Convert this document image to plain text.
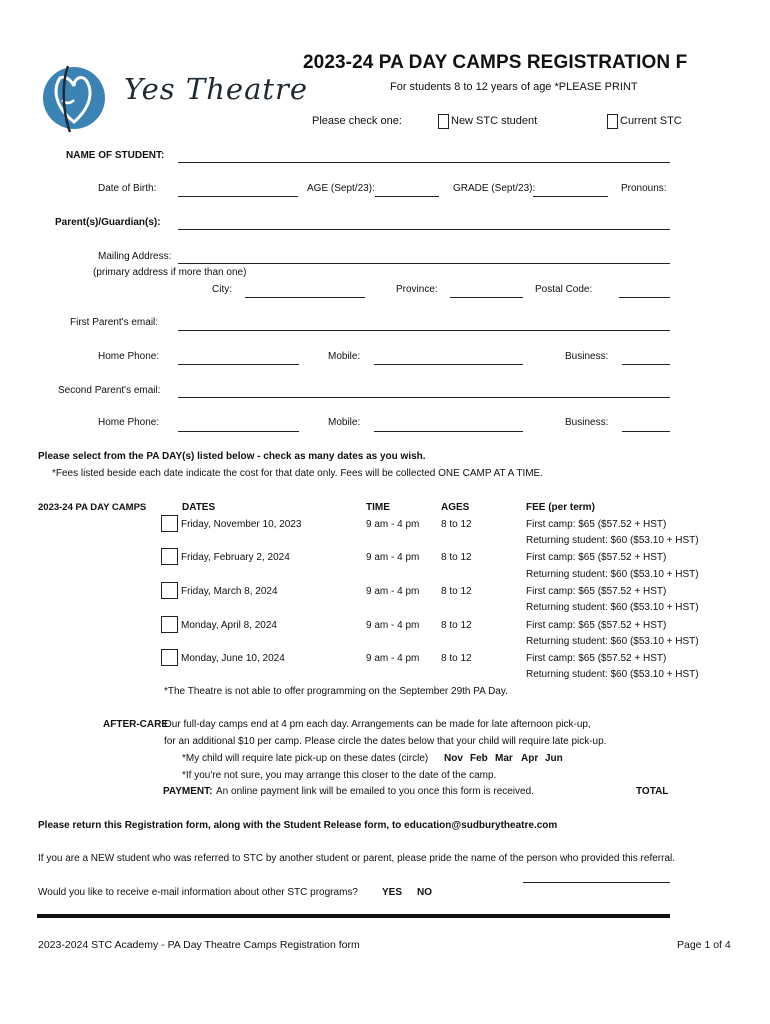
Yes Theatre
2023-24 PA DAY CAMPS REGISTRATION F
For students 8 to 12 years of age *PLEASE PRINT
Please check one:	New STC student	Current STC
NAME OF STUDENT:
Date of Birth:	AGE (Sept/23):	GRADE (Sept/23):	Pronouns:
Parent(s)/Guardian(s):
Mailing Address:
(primary address if more than one)
City:	Province:	Postal Code:
First Parent's email:
Home Phone:	Mobile:	Business:
Second Parent's email:
Home Phone:	Mobile:	Business:
Please select from the PA DAY(s) listed below - check as many dates as you wish.
*Fees listed beside each date indicate the cost for that date only. Fees will be collected ONE CAMP AT A TIME.
2023-24 PA DAY CAMPS	DATES	TIME	AGES	FEE (per term)
Friday, November 10, 2023	9 am - 4 pm 8 to 12	First camp: $65 ($57.52 + HST)
Returning student: $60 ($53.10 + HST)
Friday, February 2, 2024	9 am - 4 pm 8 to 12	First camp: $65 ($57.52 + HST)
Returning student: $60 ($53.10 + HST)
Friday, March 8, 2024	9 am - 4 pm 8 to 12	First camp: $65 ($57.52 + HST)
Returning student: $60 ($53.10 + HST)
Monday, April 8, 2024	9 am - 4 pm 8 to 12	First camp: $65 ($57.52 + HST)
Returning student: $60 ($53.10 + HST)
Monday, June 10, 2024	9 am - 4 pm 8 to 12	First camp: $65 ($57.52 + HST)
Returning student: $60 ($53.10 + HST)
*The Theatre is not able to offer programming on the September 29th PA Day.
AFTER-CARE
Our full-day camps end at 4 pm each day. Arrangements can be made for late afternoon pick-up,
for an additional $10 per camp. Please circle the dates below that your child will require late pick-up.
*My child will require late pick-up on these dates (circle) Nov Feb Mar Apr Jun
*If you're not sure, you may arrange this closer to the date of the camp.
PAYMENT: An online payment link will be emailed to you once this form is received.	TOTAL
Please return this Registration form, along with the Student Release form, to education@sudburytheatre.com
If you are a NEW student who was referred to STC by another student or parent, please pride the name of the person who provided this referral.
Would you like to receive e-mail information about other STC programs? YES NO
2023-2024 STC Academy - PA Day Theatre Camps Registration form	Page 1 of 4
